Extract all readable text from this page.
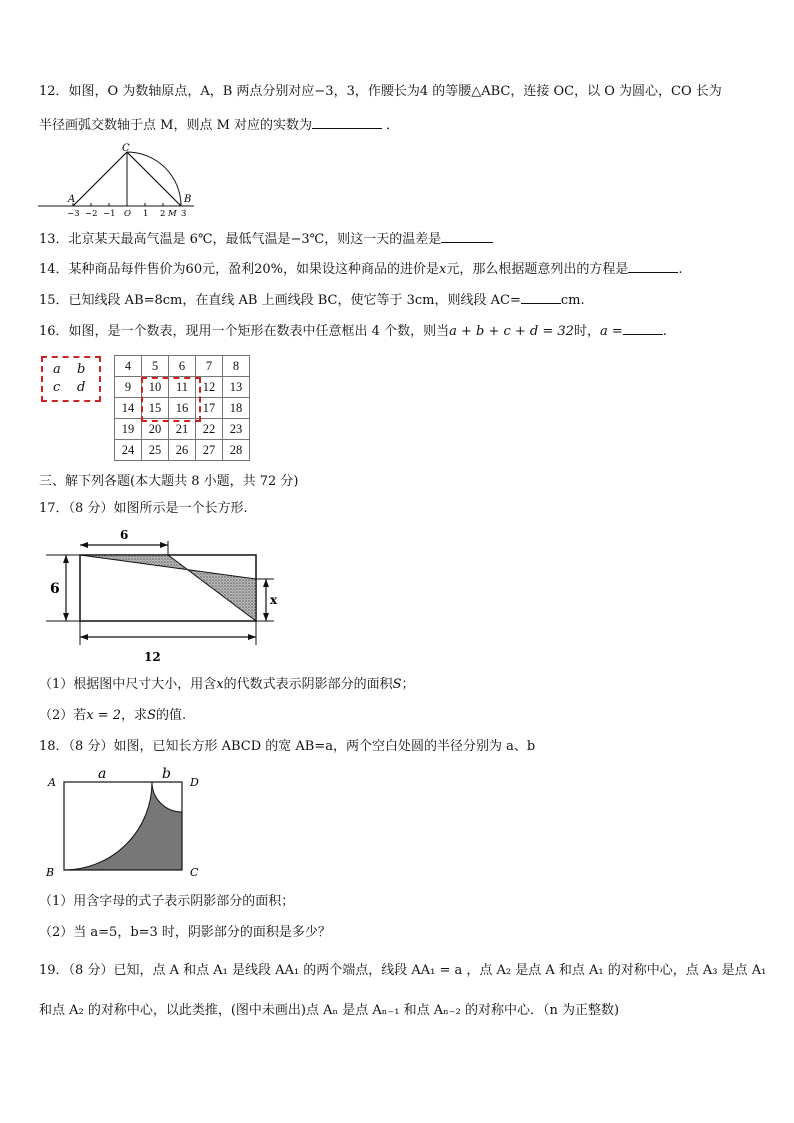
12．如图，O 为数轴原点，A，B 两点分别对应−3，3，作腰长为4 的等腰△ABC，连接 OC，以 O 为圆心，CO 长为
半径画弧交数轴于点 M，则点 M 对应的实数为	．
C
A	B
−3 −2 −1 O 1 2 M 3
13．北京某天最高气温是 6℃，最低气温是−3℃，则这一天的温差是
14．某种商品每件售价为60元，盈利20%，如果设这种商品的进价是x元，那么根据题意列出的方程是	.
15．已知线段 AB=8cm，在直线 AB 上画线段 BC，使它等于 3cm，则线段 AC=	cm.
16．如图，是一个数表，现用一个矩形在数表中任意框出 4 个数，则当a + b + c + d = 32时，a =	.
a b
c d
4	5	6	7	8
9	10	11	12	13
14	15	16	17	18
19	20	21	22	23
24	25	26	27	28
三、解下列各题(本大题共 8 小题，共 72 分)
17．（8 分）如图所示是一个长方形.
6
6
x
12
（1）根据图中尺寸大小，用含x的代数式表示阴影部分的面积S；
（2）若x = 2，求S的值.
18．（8 分）如图，已知长方形 ABCD 的宽 AB=a，两个空白处圆的半径分别为 a、b
A	D
B	C
a	b
（1）用含字母的式子表示阴影部分的面积；
（2）当 a=5，b=3 时，阴影部分的面积是多少？
19．（8 分）已知，点 A 和点 A₁ 是线段 AA₁ 的两个端点，线段 AA₁ = a ，点 A₂ 是点 A 和点 A₁ 的对称中心，点 A₃ 是点 A₁
和点 A₂ 的对称中心，以此类推，(图中未画出)点 Aₙ 是点 Aₙ₋₁ 和点 Aₙ₋₂ 的对称中心．（n 为正整数)
